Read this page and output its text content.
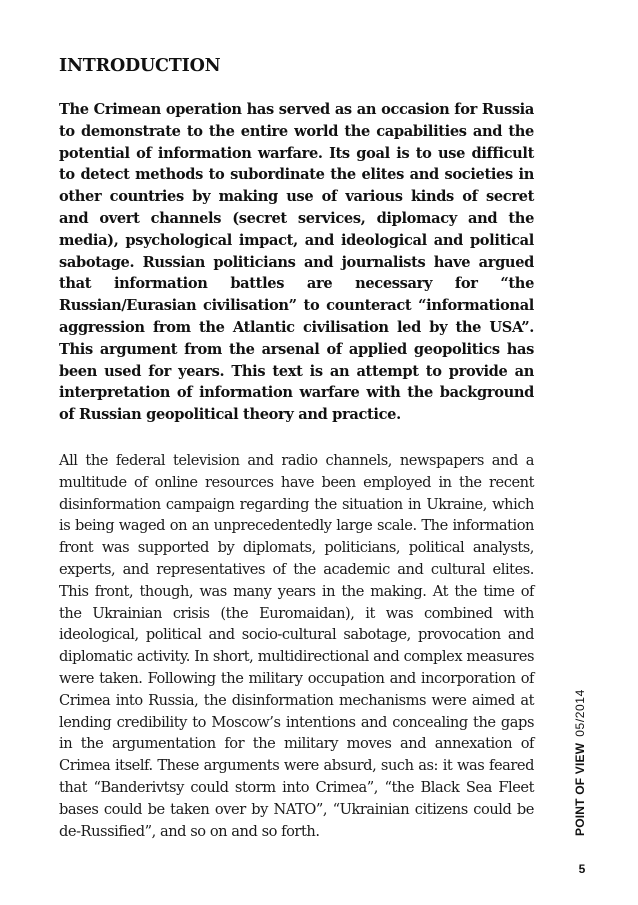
INTRODUCTION

The Crimean operation has served as an occasion for Russia to demonstrate to the entire world the capabilities and the potential of information warfare. Its goal is to use difficult to detect methods to subordinate the elites and societies in other countries by making use of various kinds of secret and overt channels (secret services, diplomacy and the media), psychological impact, and ideological and political sabotage. Russian politicians and journalists have argued that information battles are necessary for “the Russian/Eurasian civilisation” to counteract “informational aggression from the Atlantic civilisation led by the USA”. This argument from the arsenal of applied geopolitics has been used for years. This text is an attempt to provide an interpretation of information warfare with the background of Russian geopolitical theory and practice.

All the federal television and radio channels, newspapers and a multitude of online resources have been employed in the recent disinformation campaign regarding the situation in Ukraine, which is being waged on an unprecedentedly large scale. The information front was supported by diplomats, politicians, political analysts, experts, and representatives of the academic and cultural elites. This front, though, was many years in the making. At the time of the Ukrainian crisis (the Euromaidan), it was combined with ideological, political and socio-cultural sabotage, provocation and diplomatic activity. In short, multidirectional and complex measures were taken. Following the military occupation and incorporation of Crimea into Russia, the disinformation mechanisms were aimed at lending credibility to Moscow’s intentions and concealing the gaps in the argumentation for the military moves and annexation of Crimea itself. These arguments were absurd, such as: it was feared that “Banderivtsy could storm into Crimea”, “the Black Sea Fleet bases could be taken over by NATO”, “Ukrainian citizens could be de-Russified”, and so on and so forth.	POINT OF VIEW05/2014
5
